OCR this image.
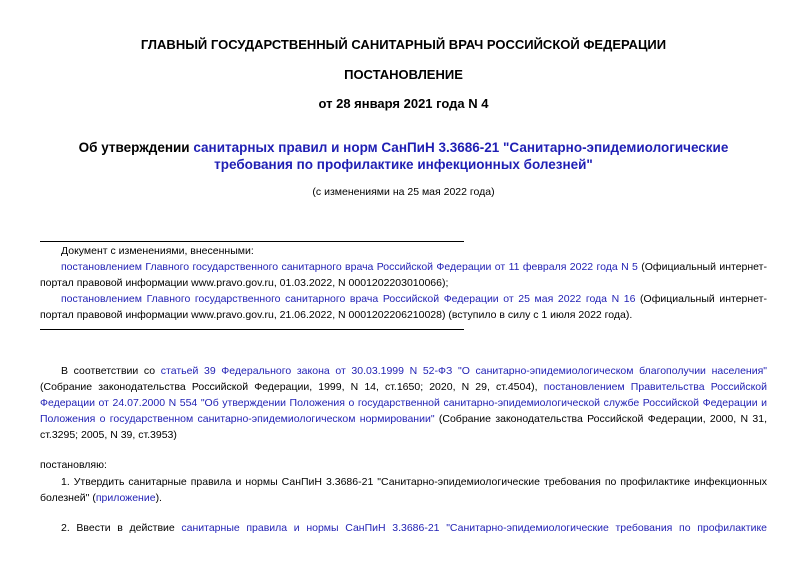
ГЛАВНЫЙ ГОСУДАРСТВЕННЫЙ САНИТАРНЫЙ ВРАЧ РОССИЙСКОЙ ФЕДЕРАЦИИ
ПОСТАНОВЛЕНИЕ
от 28 января 2021 года N 4
Об утверждении санитарных правил и норм СанПиН 3.3686-21 "Санитарно-эпидемиологические требования по профилактике инфекционных болезней"
(с изменениями на 25 мая 2022 года)
Документ с изменениями, внесенными:
постановлением Главного государственного санитарного врача Российской Федерации от 11 февраля 2022 года N 5 (Официальный интернет-портал правовой информации www.pravo.gov.ru, 01.03.2022, N 0001202203010066);
постановлением Главного государственного санитарного врача Российской Федерации от 25 мая 2022 года N 16 (Официальный интернет-портал правовой информации www.pravo.gov.ru, 21.06.2022, N 0001202206210028) (вступило в силу с 1 июля 2022 года).
В соответствии со статьей 39 Федерального закона от 30.03.1999 N 52-ФЗ "О санитарно-эпидемиологическом благополучии населения" (Собрание законодательства Российской Федерации, 1999, N 14, ст.1650; 2020, N 29, ст.4504), постановлением Правительства Российской Федерации от 24.07.2000 N 554 "Об утверждении Положения о государственной санитарно-эпидемиологической службе Российской Федерации и Положения о государственном санитарно-эпидемиологическом нормировании" (Собрание законодательства Российской Федерации, 2000, N 31, ст.3295; 2005, N 39, ст.3953)
постановляю:
1. Утвердить санитарные правила и нормы СанПиН 3.3686-21 "Санитарно-эпидемиологические требования по профилактике инфекционных болезней" (приложение).
2. Ввести в действие санитарные правила и нормы СанПиН 3.3686-21 "Санитарно-эпидемиологические требования по профилактике
